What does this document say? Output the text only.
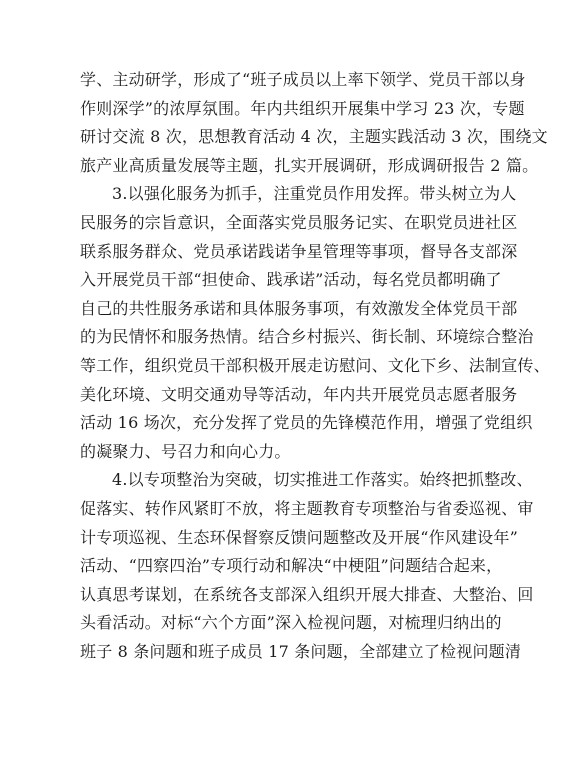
学、主动研学，形成了“班子成员以上率下领学、党员干部以身
作则深学”的浓厚氛围。年内共组织开展集中学习 23 次，专题
研讨交流 8 次，思想教育活动 4 次，主题实践活动 3 次，围绕文
旅产业高质量发展等主题，扎实开展调研，形成调研报告 2 篇。
3.以强化服务为抓手，注重党员作用发挥。带头树立为人
民服务的宗旨意识，全面落实党员服务记实、在职党员进社区
联系服务群众、党员承诺践诺争星管理等事项，督导各支部深
入开展党员干部“担使命、践承诺”活动，每名党员都明确了
自己的共性服务承诺和具体服务事项，有效激发全体党员干部
的为民情怀和服务热情。结合乡村振兴、街长制、环境综合整治
等工作，组织党员干部积极开展走访慰问、文化下乡、法制宣传、
美化环境、文明交通劝导等活动，年内共开展党员志愿者服务
活动 16 场次，充分发挥了党员的先锋模范作用，增强了党组织
的凝聚力、号召力和向心力。
4.以专项整治为突破，切实推进工作落实。始终把抓整改、
促落实、转作风紧盯不放，将主题教育专项整治与省委巡视、审
计专项巡视、生态环保督察反馈问题整改及开展“作风建设年”
活动、“四察四治”专项行动和解决“中梗阻”问题结合起来，
认真思考谋划，在系统各支部深入组织开展大排查、大整治、回
头看活动。对标“六个方面”深入检视问题，对梳理归纳出的
班子 8 条问题和班子成员 17 条问题，全部建立了检视问题清
